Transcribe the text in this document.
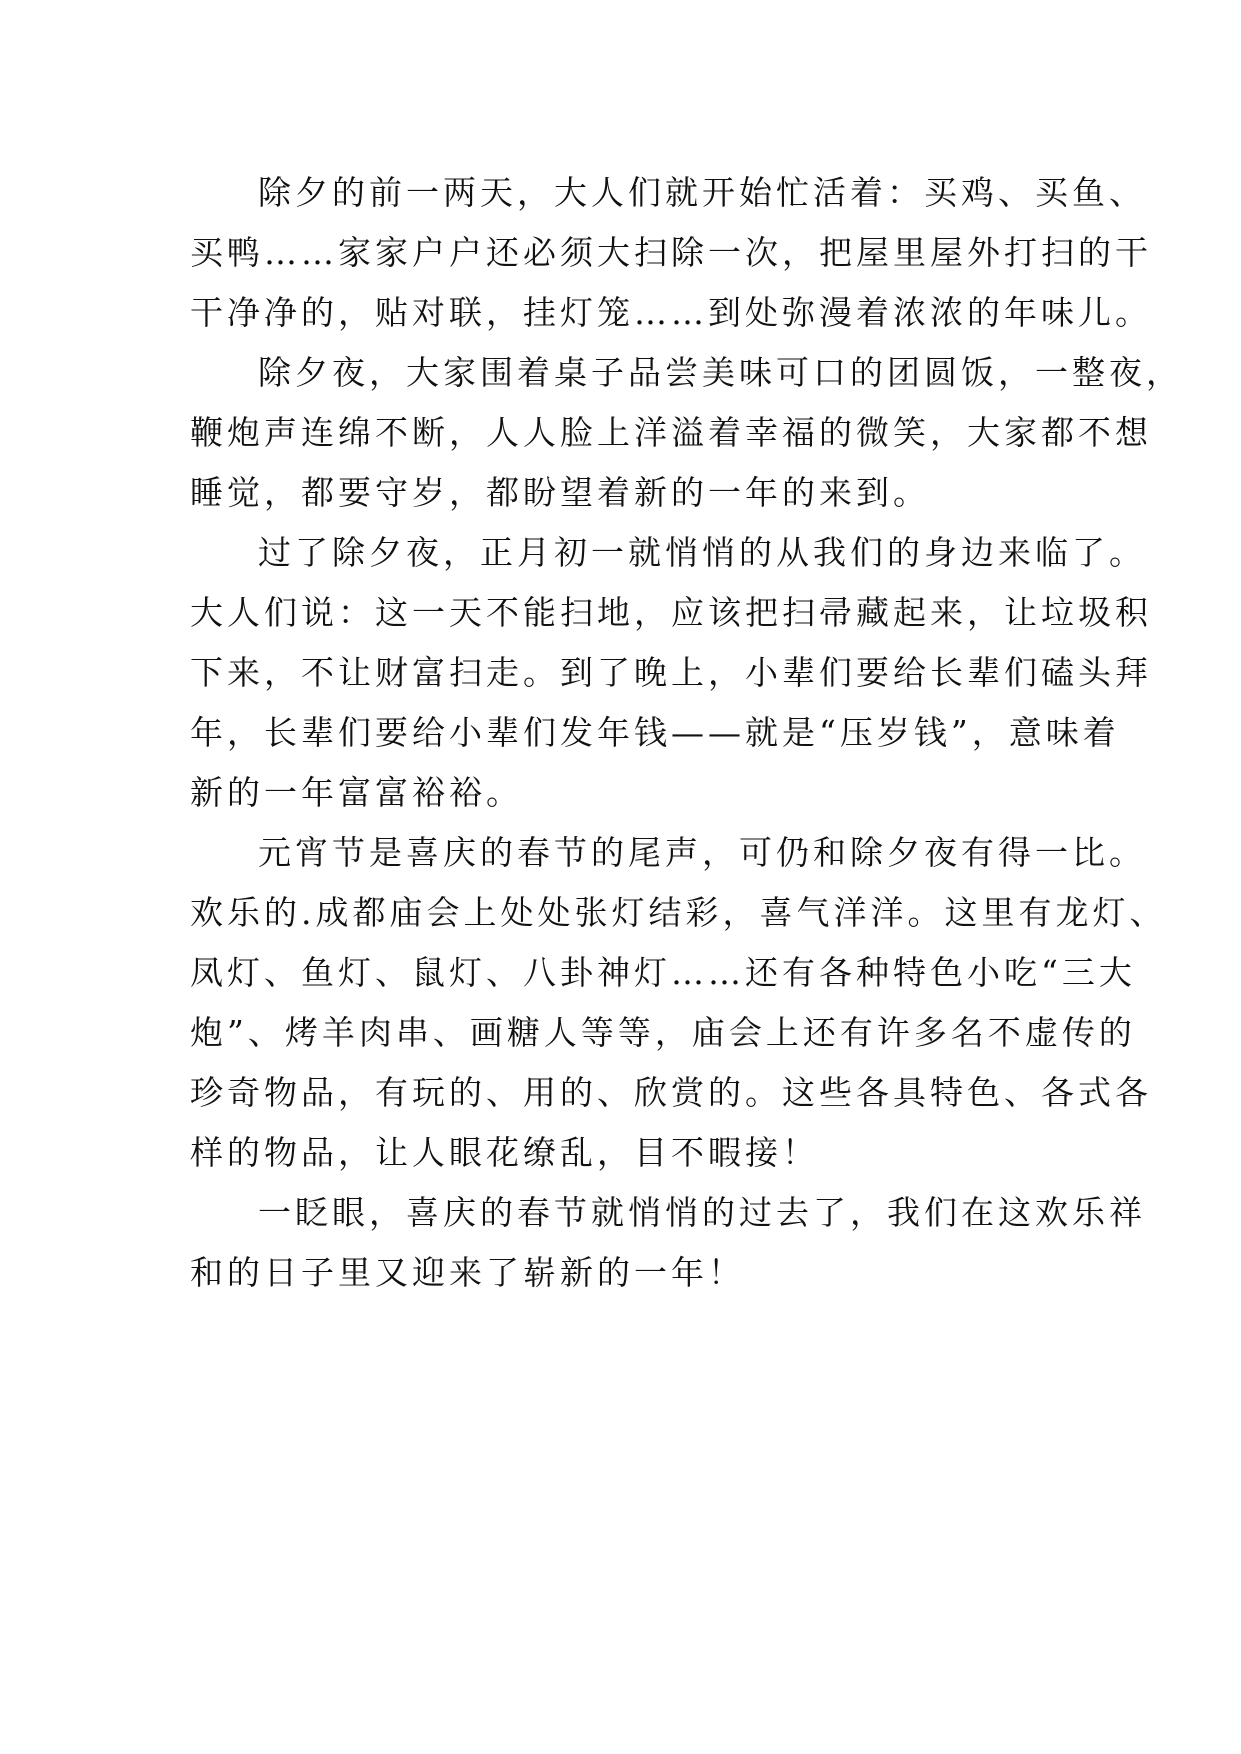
除夕的前一两天，大人们就开始忙活着：买鸡、买鱼、
买鸭……家家户户还必须大扫除一次，把屋里屋外打扫的干
干净净的，贴对联，挂灯笼……到处弥漫着浓浓的年味儿。

除夕夜，大家围着桌子品尝美味可口的团圆饭，一整夜，
鞭炮声连绵不断，人人脸上洋溢着幸福的微笑，大家都不想
睡觉，都要守岁，都盼望着新的一年的来到。

过了除夕夜，正月初一就悄悄的从我们的身边来临了。
大人们说：这一天不能扫地，应该把扫帚藏起来，让垃圾积
下来，不让财富扫走。到了晚上，小辈们要给长辈们磕头拜
年，长辈们要给小辈们发年钱——就是“压岁钱”，意味着
新的一年富富裕裕。

元宵节是喜庆的春节的尾声，可仍和除夕夜有得一比。
欢乐的.成都庙会上处处张灯结彩，喜气洋洋。这里有龙灯、
凤灯、鱼灯、鼠灯、八卦神灯……还有各种特色小吃“三大
炮”、烤羊肉串、画糖人等等，庙会上还有许多名不虚传的
珍奇物品，有玩的、用的、欣赏的。这些各具特色、各式各
样的物品，让人眼花缭乱，目不暇接！

一眨眼，喜庆的春节就悄悄的过去了，我们在这欢乐祥
和的日子里又迎来了崭新的一年！
